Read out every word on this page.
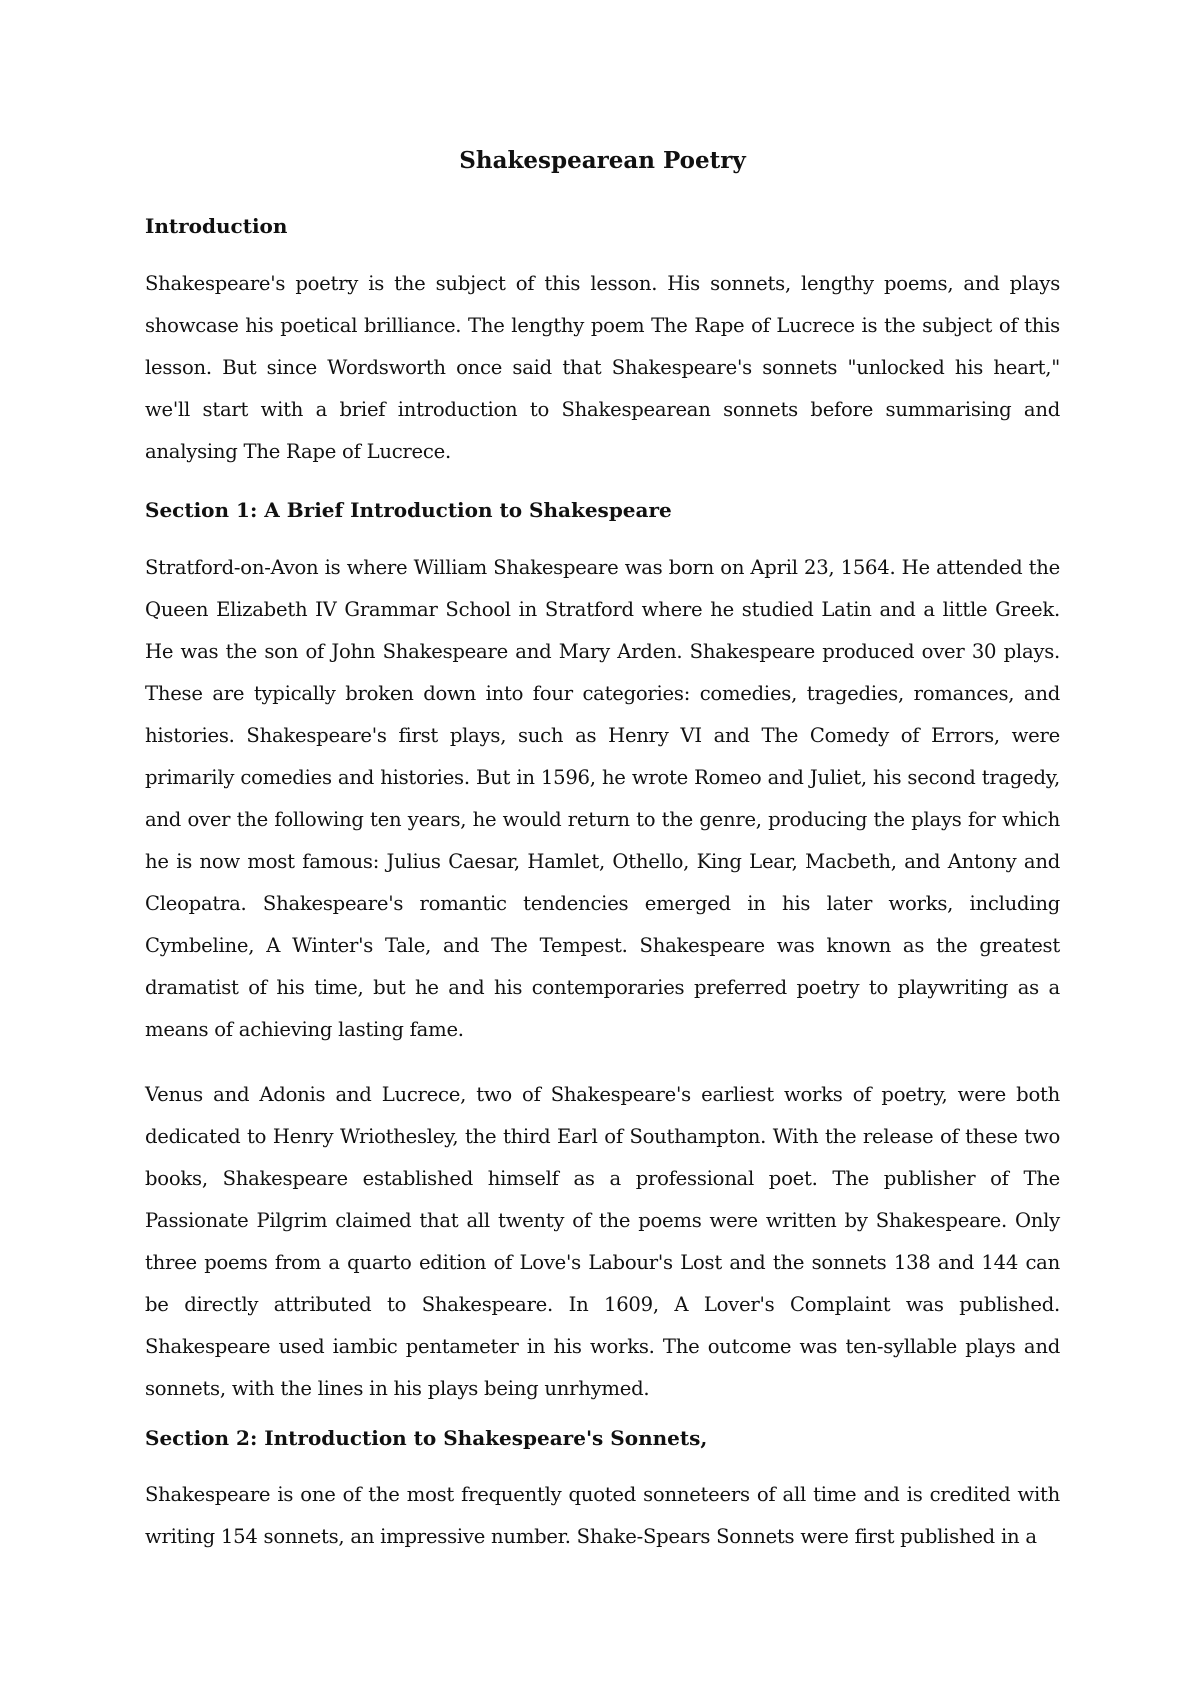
Shakespearean Poetry
Introduction

Shakespeare's poetry is the subject of this lesson. His sonnets, lengthy poems, and plays showcase his poetical brilliance. The lengthy poem The Rape of Lucrece is the subject of this lesson. But since Wordsworth once said that Shakespeare's sonnets "unlocked his heart," we'll start with a brief introduction to Shakespearean sonnets before summarising and analysing The Rape of Lucrece.

Section 1: A Brief Introduction to Shakespeare

Stratford-on-Avon is where William Shakespeare was born on April 23, 1564. He attended the Queen Elizabeth IV Grammar School in Stratford where he studied Latin and a little Greek. He was the son of John Shakespeare and Mary Arden. Shakespeare produced over 30 plays. These are typically broken down into four categories: comedies, tragedies, romances, and histories. Shakespeare's first plays, such as Henry VI and The Comedy of Errors, were primarily comedies and histories. But in 1596, he wrote Romeo and Juliet, his second tragedy, and over the following ten years, he would return to the genre, producing the plays for which he is now most famous: Julius Caesar, Hamlet, Othello, King Lear, Macbeth, and Antony and Cleopatra. Shakespeare's romantic tendencies emerged in his later works, including Cymbeline, A Winter's Tale, and The Tempest. Shakespeare was known as the greatest dramatist of his time, but he and his contemporaries preferred poetry to playwriting as a means of achieving lasting fame.

Venus and Adonis and Lucrece, two of Shakespeare's earliest works of poetry, were both dedicated to Henry Wriothesley, the third Earl of Southampton. With the release of these two books, Shakespeare established himself as a professional poet. The publisher of The Passionate Pilgrim claimed that all twenty of the poems were written by Shakespeare. Only three poems from a quarto edition of Love's Labour's Lost and the sonnets 138 and 144 can be directly attributed to Shakespeare. In 1609, A Lover's Complaint was published. Shakespeare used iambic pentameter in his works. The outcome was ten-syllable plays and sonnets, with the lines in his plays being unrhymed.

Section 2: Introduction to Shakespeare's Sonnets,

Shakespeare is one of the most frequently quoted sonneteers of all time and is credited with writing 154 sonnets, an impressive number. Shake-Spears Sonnets were first published in a
